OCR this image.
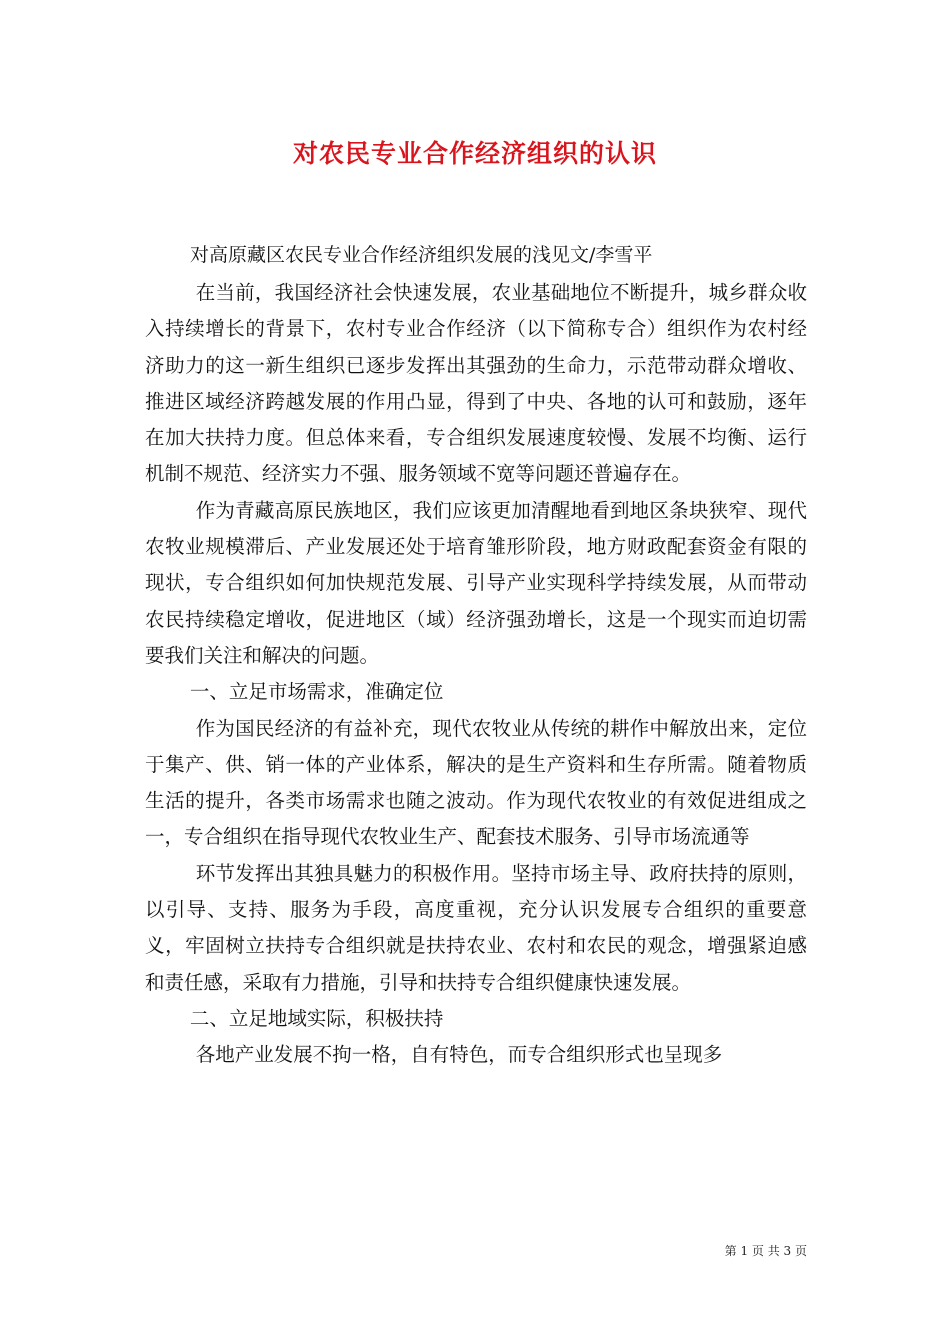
对农民专业合作经济组织的认识

对高原藏区农民专业合作经济组织发展的浅见文/李雪平

在当前，我国经济社会快速发展，农业基础地位不断提升，城乡群众收入持续增长的背景下，农村专业合作经济（以下简称专合）组织作为农村经济助力的这一新生组织已逐步发挥出其强劲的生命力，示范带动群众增收、推进区域经济跨越发展的作用凸显，得到了中央、各地的认可和鼓励，逐年在加大扶持力度。但总体来看，专合组织发展速度较慢、发展不均衡、运行机制不规范、经济实力不强、服务领域不宽等问题还普遍存在。

作为青藏高原民族地区，我们应该更加清醒地看到地区条块狭窄、现代农牧业规模滞后、产业发展还处于培育雏形阶段，地方财政配套资金有限的现状，专合组织如何加快规范发展、引导产业实现科学持续发展，从而带动农民持续稳定增收，促进地区（域）经济强劲增长，这是一个现实而迫切需要我们关注和解决的问题。

一、立足市场需求，准确定位

作为国民经济的有益补充，现代农牧业从传统的耕作中解放出来，定位于集产、供、销一体的产业体系，解决的是生产资料和生存所需。随着物质生活的提升，各类市场需求也随之波动。作为现代农牧业的有效促进组成之一，专合组织在指导现代农牧业生产、配套技术服务、引导市场流通等

环节发挥出其独具魅力的积极作用。坚持市场主导、政府扶持的原则，以引导、支持、服务为手段，高度重视，充分认识发展专合组织的重要意义，牢固树立扶持专合组织就是扶持农业、农村和农民的观念，增强紧迫感和责任感，采取有力措施，引导和扶持专合组织健康快速发展。

二、立足地域实际，积极扶持

各地产业发展不拘一格，自有特色，而专合组织形式也呈现多

第 1 页 共 3 页
